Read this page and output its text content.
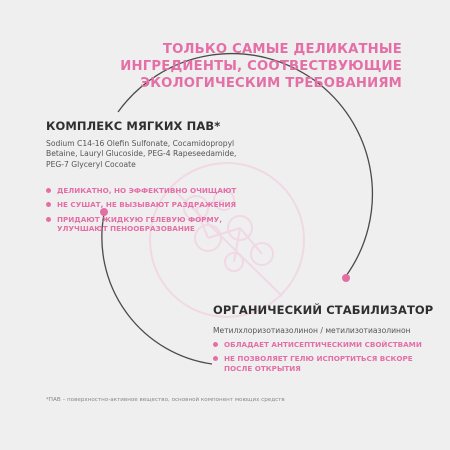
ТОЛЬКО САМЫЕ ДЕЛИКАТНЫЕ
ИНГРЕДИЕНТЫ, СООТВЕСТВУЮЩИЕ
ЭКОЛОГИЧЕСКИМ ТРЕБОВАНИЯМ
КОМПЛЕКС МЯГКИХ ПАВ*
Sodium C14-16 Olefin Sulfonate, Cocamidopropyl
Betaine, Lauryl Glucoside, PEG-4 Rapeseedamide,
PEG-7 Glyceryl Cocoate
ДЕЛИКАТНО, НО ЭФФЕКТИВНО ОЧИЩАЮТ
НЕ СУШАТ, НЕ ВЫЗЫВАЮТ РАЗДРАЖЕНИЯ
ПРИДАЮТ ЖИДКУЮ ГЕЛЕВУЮ ФОРМУ,
УЛУЧШАЮТ ПЕНООБРАЗОВАНИЕ
ОРГАНИЧЕСКИЙ СТАБИЛИЗАТОР
Метилхлоризотиазолинон / метилизотиазолинон
ОБЛАДАЕТ АНТИСЕПТИЧЕСКИМИ СВОЙСТВАМИ
НЕ ПОЗВОЛЯЕТ ГЕЛЮ ИСПОРТИТЬСЯ ВСКОРЕ
ПОСЛЕ ОТКРЫТИЯ
*ПАВ – поверхностно-активное вещество, основной компонент моющих средств
